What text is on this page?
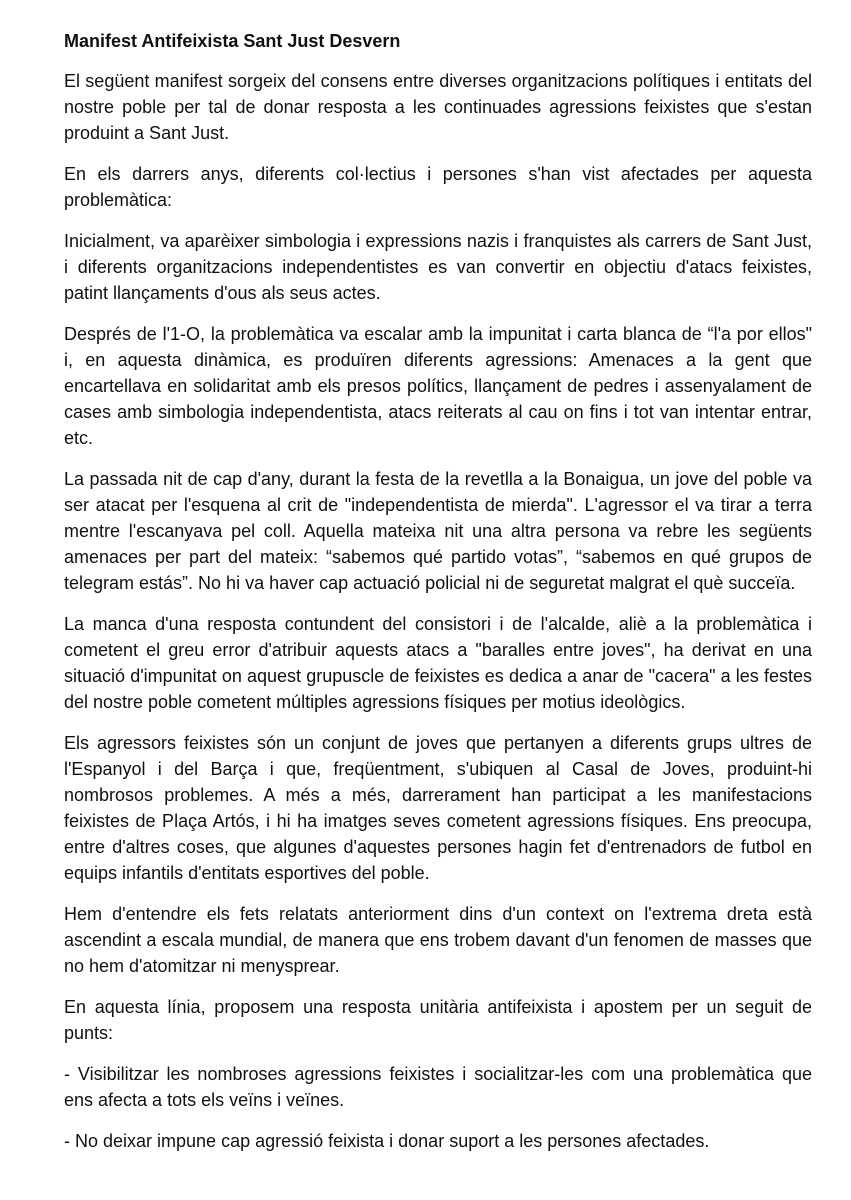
Manifest Antifeixista Sant Just Desvern

El següent manifest sorgeix del consens entre diverses organitzacions polítiques i entitats del nostre poble per tal de donar resposta a les continuades agressions feixistes que s'estan produint a Sant Just.

En els darrers anys, diferents col·lectius i persones s'han vist afectades per aquesta problemàtica:

Inicialment, va aparèixer simbologia i expressions nazis i franquistes als carrers de Sant Just, i diferents organitzacions independentistes es van convertir en objectiu d'atacs feixistes, patint llançaments d'ous als seus actes.

Després de l'1-O, la problemàtica va escalar amb la impunitat i carta blanca de “l'a por ellos" i, en aquesta dinàmica, es produïren diferents agressions: Amenaces a la gent que encartellava en solidaritat amb els presos polítics, llançament de pedres i assenyalament de cases amb simbologia independentista, atacs reiterats al cau on fins i tot van intentar entrar, etc.

La passada nit de cap d'any, durant la festa de la revetlla a la Bonaigua, un jove del poble va ser atacat per l'esquena al crit de "independentista de mierda". L'agressor el va tirar a terra mentre l'escanyava pel coll. Aquella mateixa nit una altra persona va rebre les següents amenaces per part del mateix: “sabemos qué partido votas”, “sabemos en qué grupos de telegram estás”. No hi va haver cap actuació policial ni de seguretat malgrat el què succeïa.

La manca d'una resposta contundent del consistori i de l'alcalde, aliè a la problemàtica i cometent el greu error d'atribuir aquests atacs a "baralles entre joves", ha derivat en una situació d'impunitat on aquest grupuscle de feixistes es dedica a anar de "cacera" a les festes del nostre poble cometent múltiples agressions físiques per motius ideològics.

Els agressors feixistes són un conjunt de joves que pertanyen a diferents grups ultres de l'Espanyol i del Barça i que, freqüentment, s'ubiquen al Casal de Joves, produint-hi nombrosos problemes. A més a més, darrerament han participat a les manifestacions feixistes de Plaça Artós, i hi ha imatges seves cometent agressions físiques. Ens preocupa, entre d'altres coses, que algunes d'aquestes persones hagin fet d'entrenadors de futbol en equips infantils d'entitats esportives del poble.

Hem d'entendre els fets relatats anteriorment dins d'un context on l'extrema dreta està ascendint a escala mundial, de manera que ens trobem davant d'un fenomen de masses que no hem d'atomitzar ni menysprear.

En aquesta línia, proposem una resposta unitària antifeixista i apostem per un seguit de punts:

- Visibilitzar les nombroses agressions feixistes i socialitzar-les com una problemàtica que ens afecta a tots els veïns i veïnes.

- No deixar impune cap agressió feixista i donar suport a les persones afectades.
